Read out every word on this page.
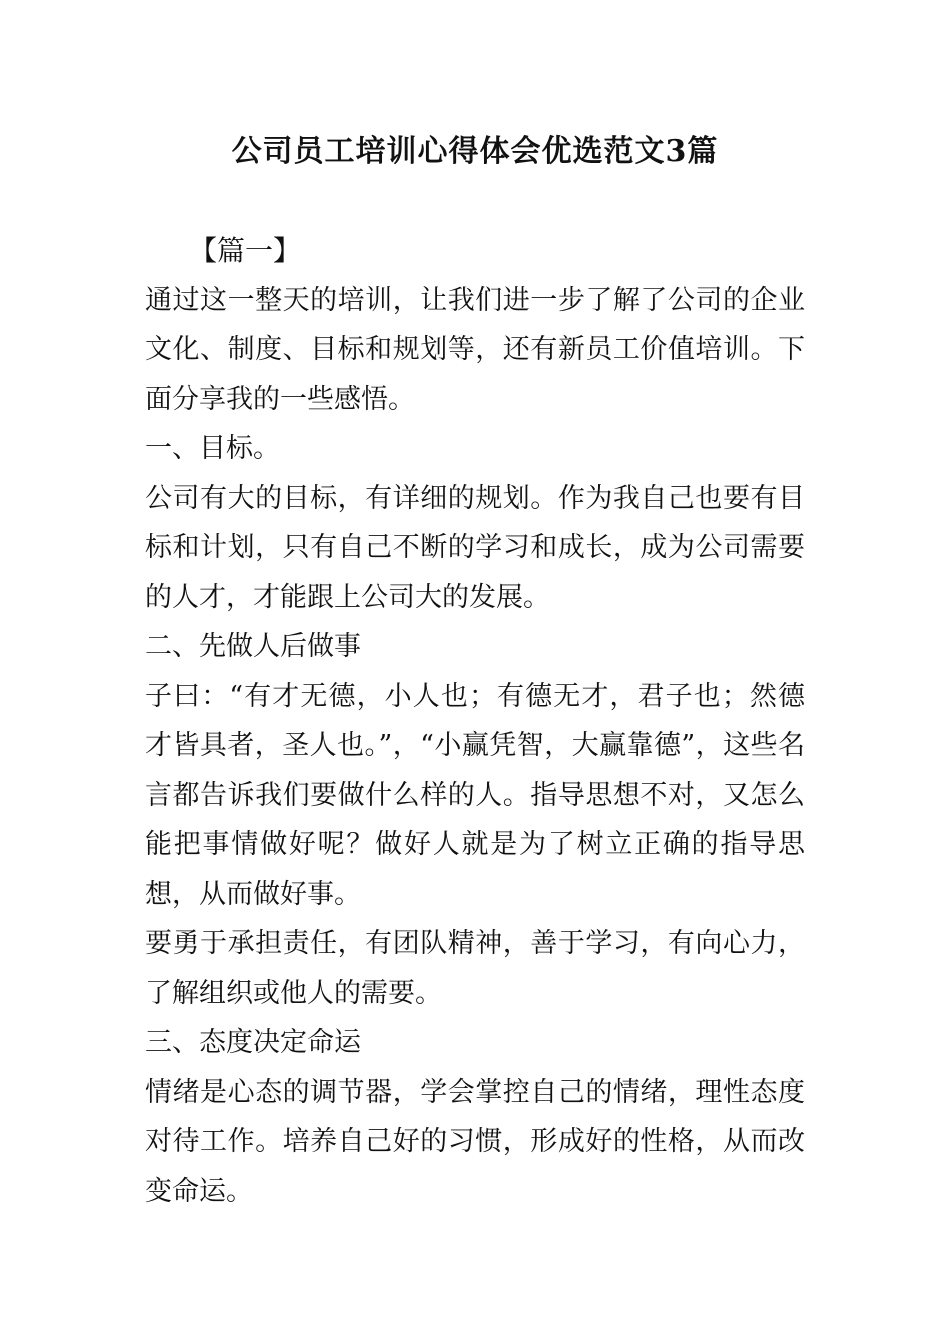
公司员工培训心得体会优选范文3篇

【篇一】

通过这一整天的培训，让我们进一步了解了公司的企业文化、制度、目标和规划等，还有新员工价值培训。下面分享我的一些感悟。

一、目标。

公司有大的目标，有详细的规划。作为我自己也要有目标和计划，只有自己不断的学习和成长，成为公司需要的人才，才能跟上公司大的发展。

二、先做人后做事

子曰：“有才无德，小人也；有德无才，君子也；然德才皆具者，圣人也。”，“小赢凭智，大赢靠德”，这些名言都告诉我们要做什么样的人。指导思想不对，又怎么能把事情做好呢？做好人就是为了树立正确的指导思想，从而做好事。

要勇于承担责任，有团队精神，善于学习，有向心力，了解组织或他人的需要。

三、态度决定命运

情绪是心态的调节器，学会掌控自己的情绪，理性态度对待工作。培养自己好的习惯，形成好的性格，从而改变命运。
